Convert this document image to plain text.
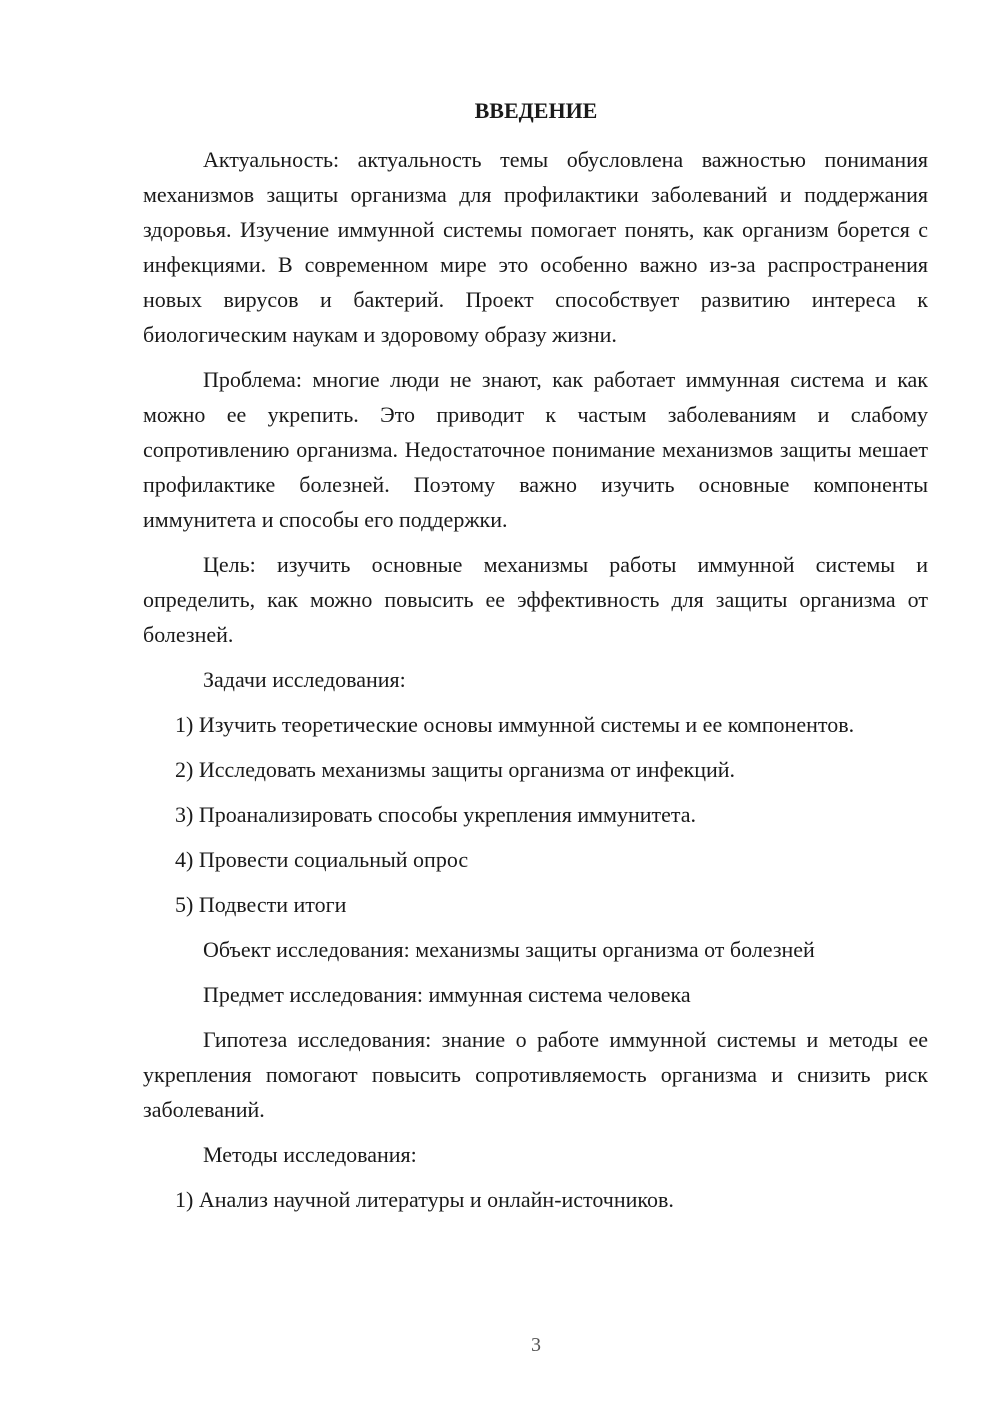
ВВЕДЕНИЕ

Актуальность: актуальность темы обусловлена важностью понимания механизмов защиты организма для профилактики заболеваний и поддержания здоровья. Изучение иммунной системы помогает понять, как организм борется с инфекциями. В современном мире это особенно важно из-за распространения новых вирусов и бактерий. Проект способствует развитию интереса к биологическим наукам и здоровому образу жизни.

Проблема: многие люди не знают, как работает иммунная система и как можно ее укрепить. Это приводит к частым заболеваниям и слабому сопротивлению организма. Недостаточное понимание механизмов защиты мешает профилактике болезней. Поэтому важно изучить основные компоненты иммунитета и способы его поддержки.

Цель: изучить основные механизмы работы иммунной системы и определить, как можно повысить ее эффективность для защиты организма от болезней.

Задачи исследования:

1) Изучить теоретические основы иммунной системы и ее компонентов.

2) Исследовать механизмы защиты организма от инфекций.

3) Проанализировать способы укрепления иммунитета.

4) Провести социальный опрос

5) Подвести итоги

Объект исследования: механизмы защиты организма от болезней

Предмет исследования: иммунная система человека

Гипотеза исследования: знание о работе иммунной системы и методы ее укрепления помогают повысить сопротивляемость организма и снизить риск заболеваний.

Методы исследования:

1) Анализ научной литературы и онлайн-источников.

3
